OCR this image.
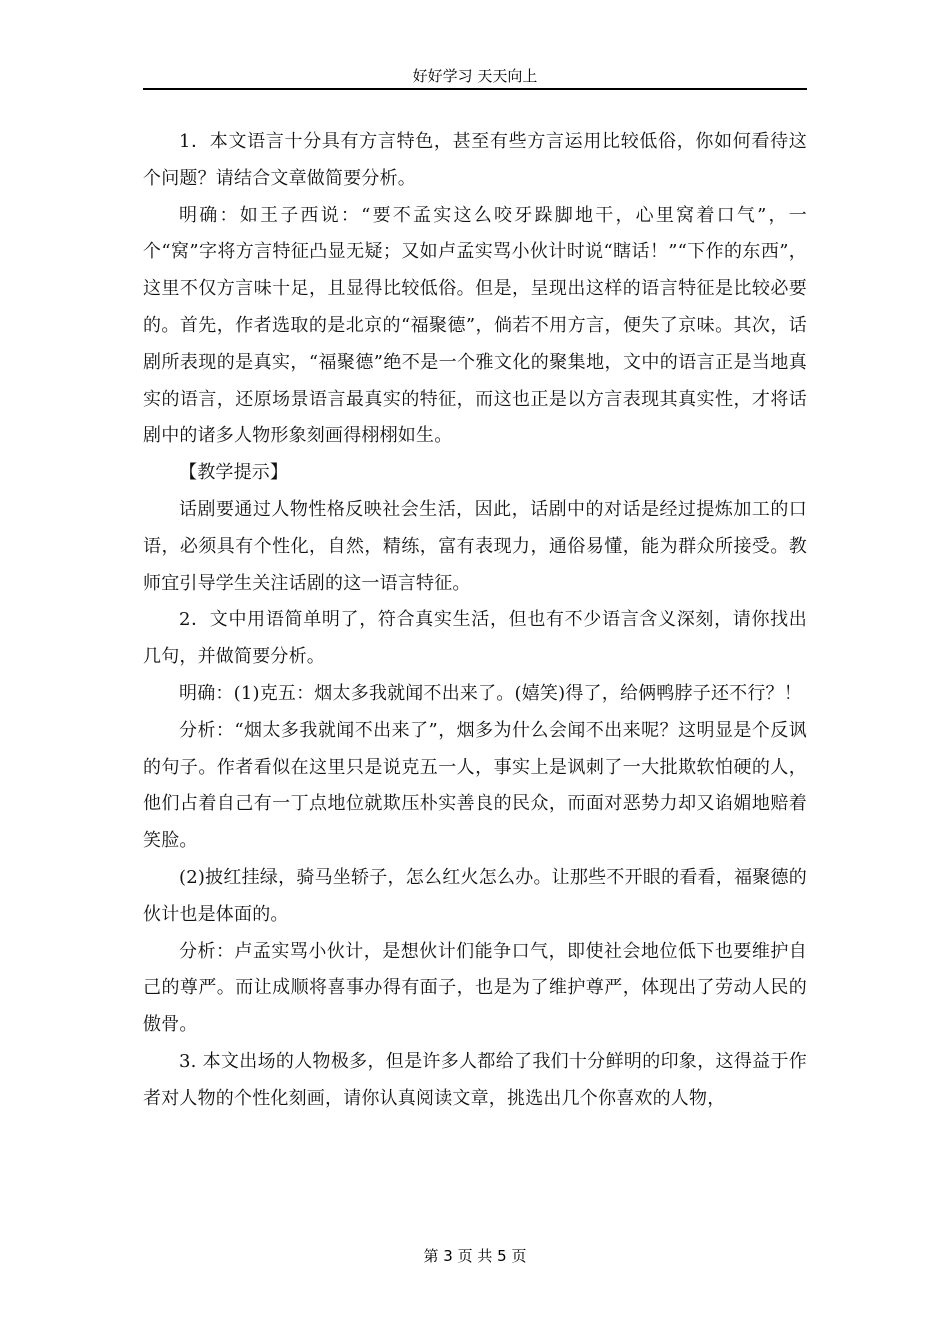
好好学习 天天向上

1．本文语言十分具有方言特色，甚至有些方言运用比较低俗，你如何看待这个问题？请结合文章做简要分析。

明确：如王子西说：“要不孟实这么咬牙跺脚地干，心里窝着口气”，一个“窝”字将方言特征凸显无疑；又如卢孟实骂小伙计时说“瞎话！”“下作的东西”，这里不仅方言味十足，且显得比较低俗。但是，呈现出这样的语言特征是比较必要的。首先，作者选取的是北京的“福聚德”，倘若不用方言，便失了京味。其次，话剧所表现的是真实，“福聚德”绝不是一个雅文化的聚集地，文中的语言正是当地真实的语言，还原场景语言最真实的特征，而这也正是以方言表现其真实性，才将话剧中的诸多人物形象刻画得栩栩如生。

【教学提示】

话剧要通过人物性格反映社会生活，因此，话剧中的对话是经过提炼加工的口语，必须具有个性化，自然，精练，富有表现力，通俗易懂，能为群众所接受。教师宜引导学生关注话剧的这一语言特征。

2．文中用语简单明了，符合真实生活，但也有不少语言含义深刻，请你找出几句，并做简要分析。

明确：(1)克五：烟太多我就闻不出来了。(嬉笑)得了，给俩鸭脖子还不行？！

分析：“烟太多我就闻不出来了”，烟多为什么会闻不出来呢？这明显是个反讽的句子。作者看似在这里只是说克五一人，事实上是讽刺了一大批欺软怕硬的人，他们占着自己有一丁点地位就欺压朴实善良的民众，而面对恶势力却又谄媚地赔着笑脸。

(2)披红挂绿，骑马坐轿子，怎么红火怎么办。让那些不开眼的看看，福聚德的伙计也是体面的。

分析：卢孟实骂小伙计，是想伙计们能争口气，即使社会地位低下也要维护自己的尊严。而让成顺将喜事办得有面子，也是为了维护尊严，体现出了劳动人民的傲骨。

3. 本文出场的人物极多，但是许多人都给了我们十分鲜明的印象，这得益于作者对人物的个性化刻画，请你认真阅读文章，挑选出几个你喜欢的人物，

第 3 页 共 5 页
